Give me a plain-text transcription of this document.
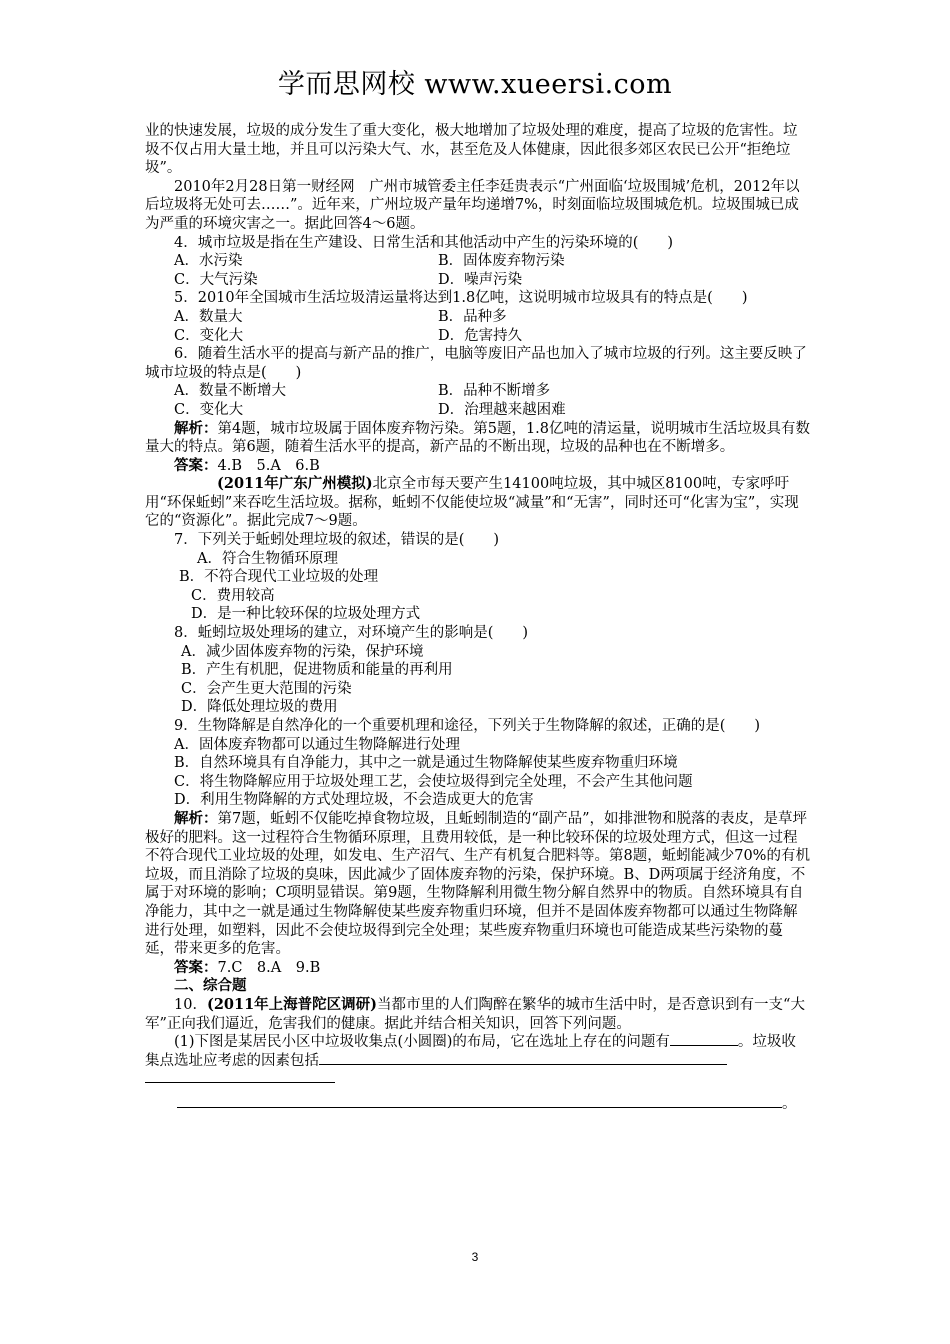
学而思网校 www.xueersi.com

业的快速发展，垃圾的成分发生了重大变化，极大地增加了垃圾处理的难度，提高了垃圾的危害性。垃圾不仅占用大量土地，并且可以污染大气、水，甚至危及人体健康，因此很多郊区农民已公开“拒绝垃圾”。

2010年2月28日第一财经网　广州市城管委主任李廷贵表示“广州面临‘垃圾围城’危机，2012年以后垃圾将无处可去……”。近年来，广州垃圾产量年均递增7%，时刻面临垃圾围城危机。垃圾围城已成为严重的环境灾害之一。据此回答4～6题。

4．城市垃圾是指在生产建设、日常生活和其他活动中产生的污染环境的(　　)

A．水污染	B．固体废弃物污染
C．大气污染	D．噪声污染

5．2010年全国城市生活垃圾清运量将达到1.8亿吨，这说明城市垃圾具有的特点是(　　)

A．数量大	B．品种多
C．变化大	D．危害持久

6．随着生活水平的提高与新产品的推广，电脑等废旧产品也加入了城市垃圾的行列。这主要反映了城市垃圾的特点是(　　)

A．数量不断增大	B．品种不断增多
C．变化大	D．治理越来越困难

解析：第4题，城市垃圾属于固体废弃物污染。第5题，1.8亿吨的清运量，说明城市生活垃圾具有数量大的特点。第6题，随着生活水平的提高，新产品的不断出现，垃圾的品种也在不断增多。

答案：4.B　5.A　6.B

(2011年广东广州模拟)北京全市每天要产生14100吨垃圾，其中城区8100吨，专家呼吁用“环保蚯蚓”来吞吃生活垃圾。据称，蚯蚓不仅能使垃圾“减量”和“无害”，同时还可“化害为宝”，实现它的“资源化”。据此完成7～9题。

7．下列关于蚯蚓处理垃圾的叙述，错误的是(　　)

A．符合生物循环原理

B．不符合现代工业垃圾的处理

C．费用较高

D．是一种比较环保的垃圾处理方式

8．蚯蚓垃圾处理场的建立，对环境产生的影响是(　　)

A．减少固体废弃物的污染，保护环境

B．产生有机肥，促进物质和能量的再利用

C．会产生更大范围的污染

D．降低处理垃圾的费用

9．生物降解是自然净化的一个重要机理和途径，下列关于生物降解的叙述，正确的是(　　)

A．固体废弃物都可以通过生物降解进行处理

B．自然环境具有自净能力，其中之一就是通过生物降解使某些废弃物重归环境

C．将生物降解应用于垃圾处理工艺，会使垃圾得到完全处理，不会产生其他问题

D．利用生物降解的方式处理垃圾，不会造成更大的危害

解析：第7题，蚯蚓不仅能吃掉食物垃圾，且蚯蚓制造的“副产品”，如排泄物和脱落的表皮，是草坪极好的肥料。这一过程符合生物循环原理，且费用较低，是一种比较环保的垃圾处理方式，但这一过程不符合现代工业垃圾的处理，如发电、生产沼气、生产有机复合肥料等。第8题，蚯蚓能减少70%的有机垃圾，而且消除了垃圾的臭味，因此减少了固体废弃物的污染，保护环境。B、D两项属于经济角度，不属于对环境的影响；C项明显错误。第9题，生物降解利用微生物分解自然界中的物质。自然环境具有自净能力，其中之一就是通过生物降解使某些废弃物重归环境，但并不是固体废弃物都可以通过生物降解进行处理，如塑料，因此不会使垃圾得到完全处理；某些废弃物重归环境也可能造成某些污染物的蔓延，带来更多的危害。

答案：7.C　8.A　9.B

二、综合题

10．(2011年上海普陀区调研)当都市里的人们陶醉在繁华的城市生活中时，是否意识到有一支“大军”正向我们逼近，危害我们的健康。据此并结合相关知识，回答下列问题。

(1)下图是某居民小区中垃圾收集点(小圆圈)的布局，它在选址上存在的问题有	。垃圾收集点选址应考虑的因素包括

。

3
